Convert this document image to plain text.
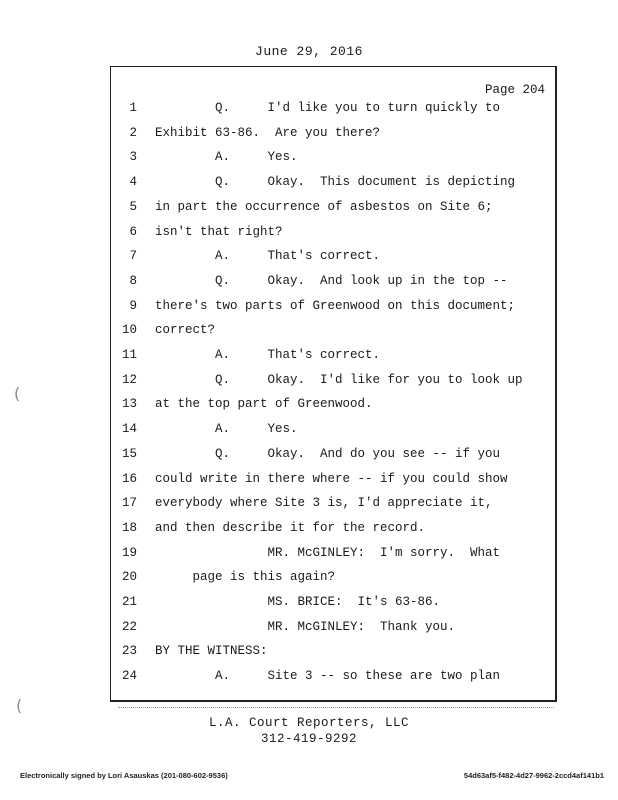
June 29, 2016
Page 204
1 Q.     I'd like you to turn quickly to
2 Exhibit 63-86.  Are you there?
3 A.     Yes.
4 Q.     Okay.  This document is depicting
5 in part the occurrence of asbestos on Site 6;
6 isn't that right?
7 A.     That's correct.
8 Q.     Okay.  And look up in the top --
9 there's two parts of Greenwood on this document;
10 correct?
11 A.     That's correct.
12 Q.     Okay.  I'd like for you to look up
13 at the top part of Greenwood.
14 A.     Yes.
15 Q.     Okay.  And do you see -- if you
16 could write in there where -- if you could show
17 everybody where Site 3 is, I'd appreciate it,
18 and then describe it for the record.
19 MR. McGINLEY:  I'm sorry.  What
20 page is this again?
21 MS. BRICE:  It's 63-86.
22 MR. McGINLEY:  Thank you.
23 BY THE WITNESS:
24 A.     Site 3 -- so these are two plan
L.A. Court Reporters, LLC
312-419-9292
Electronically signed by Lori Asauskas (201-080-602-9536)	54d63af5-f482-4d27-9962-2ccd4af141b1
(
(
